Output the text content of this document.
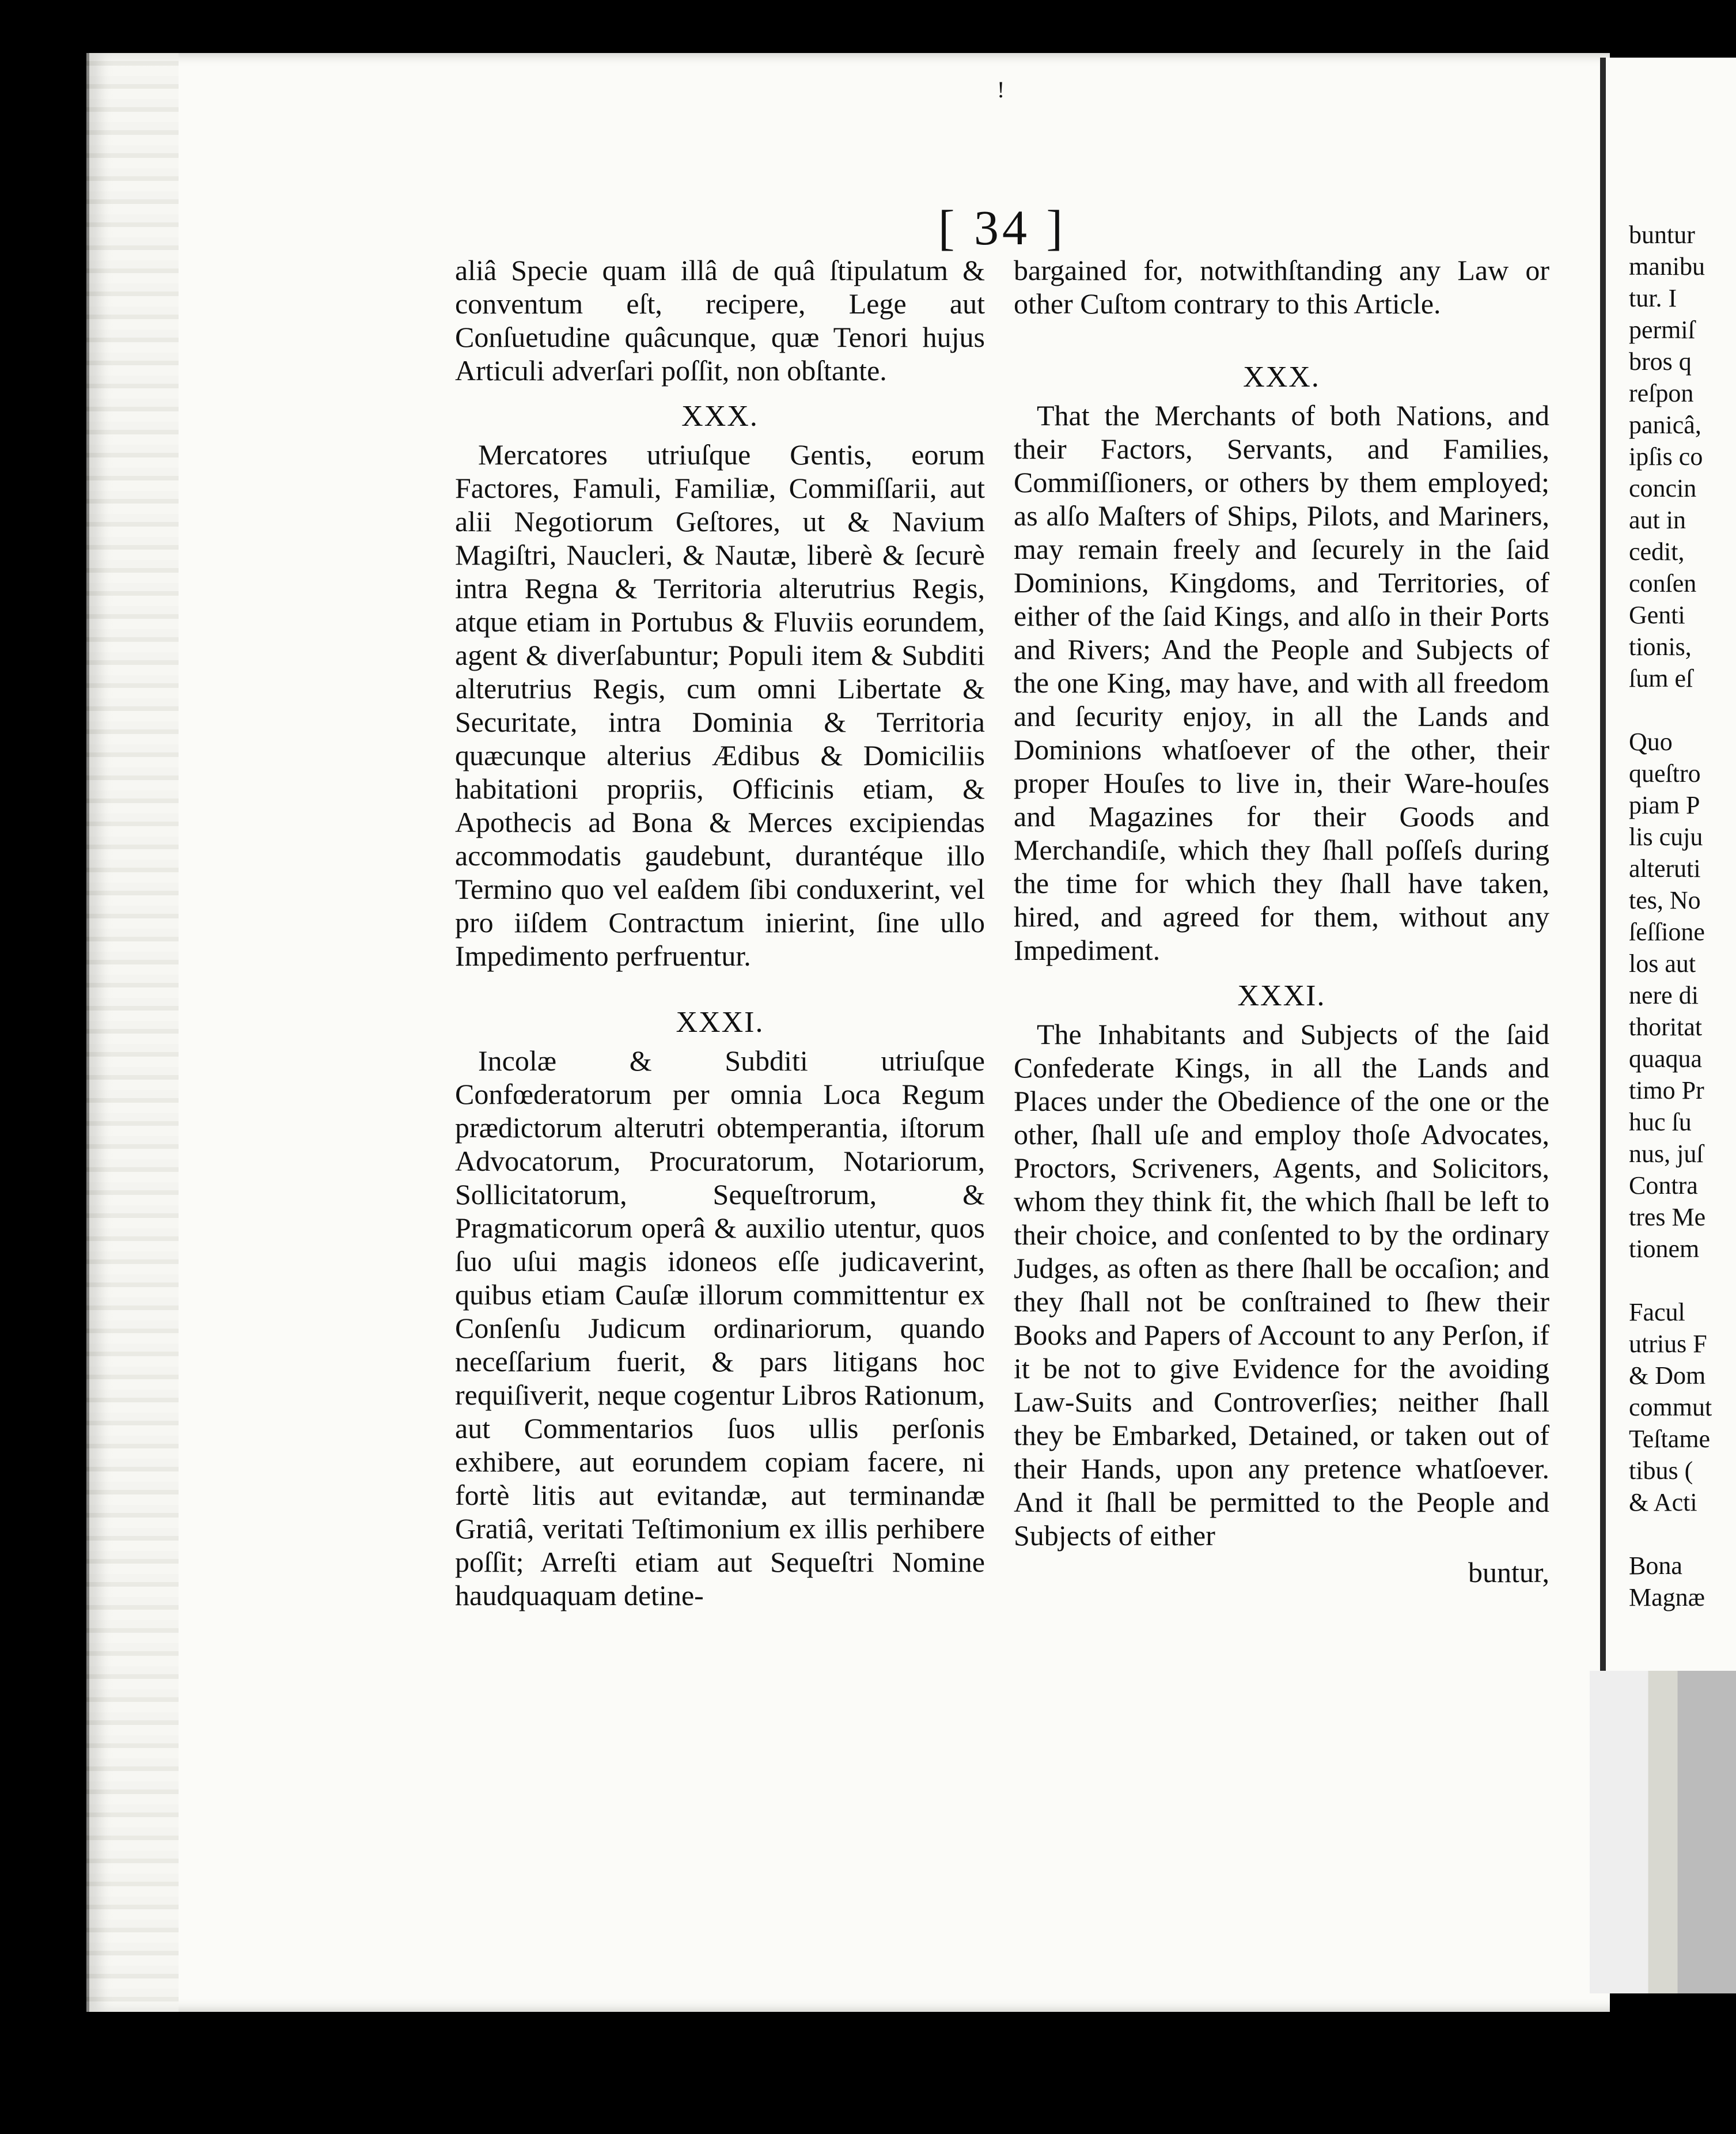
!
[ 34 ]

aliâ Specie quam illâ de quâ ſtipulatum & conventum eſt, recipere, Lege aut Conſuetudine quâcunque, quæ Tenori hujus Articuli adverſari poſſit, non obſtante.

XXX.

Mercatores utriuſque Gentis, eorum Factores, Famuli, Familiæ, Commiſſarii, aut alii Negotiorum Geſtores, ut & Navium Magiſtri, Naucleri, & Nautæ, liberè & ſecurè intra Regna & Territoria alterutrius Regis, atque etiam in Portubus & Fluviis eorundem, agent & diverſabuntur; Populi item & Subditi alterutrius Regis, cum omni Libertate & Securitate, intra Dominia & Territoria quæcunque alterius Ædibus & Domiciliis habitationi propriis, Officinis etiam, & Apothecis ad Bona & Merces excipiendas accommodatis gaudebunt, durantéque illo Termino quo vel eaſdem ſibi conduxerint, vel pro iiſdem Contractum inierint, ſine ullo Impedimento perfruentur.

XXXI.

Incolæ & Subditi utriuſque Confœderatorum per omnia Loca Regum prædictorum alterutri obtemperantia, iſtorum Advocatorum, Procuratorum, Notariorum, Sollicitatorum, Sequeſtrorum, & Pragmaticorum operâ & auxilio utentur, quos ſuo uſui magis idoneos eſſe judicaverint, quibus etiam Cauſæ illorum committentur ex Conſenſu Judicum ordinariorum, quando neceſſarium fuerit, & pars litigans hoc requiſiverit, neque cogentur Libros Rationum, aut Commentarios ſuos ullis perſonis exhibere, aut eorundem copiam facere, ni fortè litis aut evitandæ, aut terminandæ Gratiâ, veritati Teſtimonium ex illis perhibere poſſit; Arreſti etiam aut Sequeſtri Nomine haudquaquam detine-

bargained for, notwithſtanding any Law or other Cuſtom contrary to this Article.

XXX.

That the Merchants of both Nations, and their Factors, Servants, and Families, Commiſſioners, or others by them employed; as alſo Maſters of Ships, Pilots, and Mariners, may remain freely and ſecurely in the ſaid Dominions, Kingdoms, and Territories, of either of the ſaid Kings, and alſo in their Ports and Rivers; And the People and Subjects of the one King, may have, and with all freedom and ſecurity enjoy, in all the Lands and Dominions whatſoever of the other, their proper Houſes to live in, their Ware-houſes and Magazines for their Goods and Merchandiſe, which they ſhall poſſeſs during the time for which they ſhall have taken, hired, and agreed for them, without any Impediment.

XXXI.

The Inhabitants and Subjects of the ſaid Confederate Kings, in all the Lands and Places under the Obedience of the one or the other, ſhall uſe and employ thoſe Advocates, Proctors, Scriveners, Agents, and Solicitors, whom they think fit, the which ſhall be left to their choice, and conſented to by the ordinary Judges, as often as there ſhall be occaſion; and they ſhall not be conſtrained to ſhew their Books and Papers of Account to any Perſon, if it be not to give Evidence for the avoiding Law-Suits and Controverſies; neither ſhall they be Embarked, Detained, or taken out of their Hands, upon any pretence whatſoever. And it ſhall be permitted to the People and Subjects of either

buntur,
buntur
manibu
tur. I
permiſ
bros q
reſpon
panicâ,
ipſis co
concin
aut in
cedit,
conſen
Genti
tionis,
ſum eſ

Quo
queſtro
piam P
lis cuju
alteruti
tes, No
ſeſſione
los aut
nere di
thoritat
quaqua
timo Pr
huc ſu
nus, juſ
Contra
tres Me
tionem

Facul
utrius F
& Dom
commut
Teſtame
tibus (
& Acti

Bona
Magnæ
